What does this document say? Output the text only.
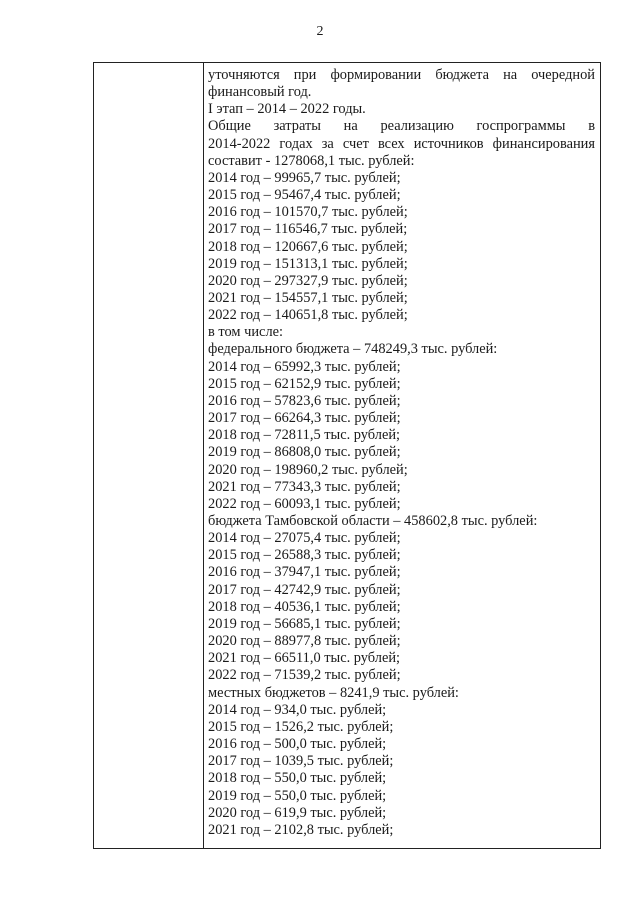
2
уточняются при формировании бюджета на очередной
финансовый год.
I этап – 2014 – 2022 годы.
Общие затраты на реализацию госпрограммы в
2014-2022 годах за счет всех источников финансирования
составит - 1278068,1 тыс. рублей:
2014 год – 99965,7 тыс. рублей;
2015 год – 95467,4 тыс. рублей;
2016 год – 101570,7 тыс. рублей;
2017 год – 116546,7 тыс. рублей;
2018 год – 120667,6 тыс. рублей;
2019 год – 151313,1 тыс. рублей;
2020 год – 297327,9 тыс. рублей;
2021 год – 154557,1 тыс. рублей;
2022 год – 140651,8 тыс. рублей;
в том числе:
федерального бюджета – 748249,3 тыс. рублей:
2014 год – 65992,3 тыс. рублей;
2015 год – 62152,9 тыс. рублей;
2016 год – 57823,6 тыс. рублей;
2017 год – 66264,3 тыс. рублей;
2018 год – 72811,5 тыс. рублей;
2019 год – 86808,0 тыс. рублей;
2020 год – 198960,2 тыс. рублей;
2021 год – 77343,3 тыс. рублей;
2022 год – 60093,1 тыс. рублей;
бюджета Тамбовской области – 458602,8 тыс. рублей:
2014 год – 27075,4 тыс. рублей;
2015 год – 26588,3 тыс. рублей;
2016 год – 37947,1 тыс. рублей;
2017 год – 42742,9 тыс. рублей;
2018 год – 40536,1 тыс. рублей;
2019 год – 56685,1 тыс. рублей;
2020 год – 88977,8 тыс. рублей;
2021 год – 66511,0 тыс. рублей;
2022 год – 71539,2 тыс. рублей;
местных бюджетов – 8241,9 тыс. рублей:
2014 год – 934,0 тыс. рублей;
2015 год – 1526,2 тыс. рублей;
2016 год – 500,0 тыс. рублей;
2017 год – 1039,5 тыс. рублей;
2018 год – 550,0 тыс. рублей;
2019 год – 550,0 тыс. рублей;
2020 год – 619,9 тыс. рублей;
2021 год – 2102,8 тыс. рублей;
